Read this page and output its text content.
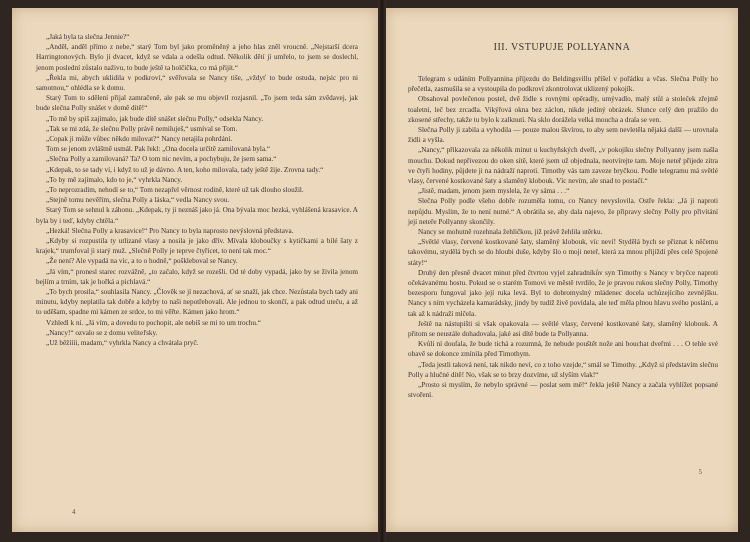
„Jaká byla ta slečna Jennie?“

„Anděl, anděl přímo z nebe,“ starý Tom byl jako proměněný a jeho hlas zněl vroucně. „Nejstarší dcera Harringtonových. Bylo jí dvacet, když se vdala a odešla odtud. Několik dětí jí umřelo, to jsem se doslechl, jenom poslední zůstalo naživu, to bude ještě ta holčička, co má přijít.“

„Řekla mi, abych uklidila v podkroví,“ svěřovala se Nancy tiše, „vždyť to bude ostuda, nejsic pro ni samotnou,“ ohlédla se k domu.

Starý Tom to sdělení přijal zamračeně, ale pak se mu objevil rozjasnil. „To jsem teda sám zvědavej, jak bude slečna Polly snášet v domě dítě!“

„To mě by spíš zajímalo, jak bude dítě snášet slečnu Polly,“ odsekla Nancy.

„Tak se mi zdá, že slečnu Polly právě nemiluješ,“ usmíval se Tom.

„Copak ji může vůbec někdo milovat?“ Nancy netajila pohrdání.

Tom se jenom zvláštně usmál. Pak řekl: „Ona docela určitě zamilovaná byla.“

„Slečna Polly a zamilovaná? Ta? O tom nic nevím, a pochybuju, že jsem sama.“

„Kdepak, to se tady ví, i když to už je dávno. A ten, koho milovala, tady ještě žije. Zrovna tady.“

„To by mě zajímalo, kdo to je,“ vyhrkla Nancy.

„To neprozradím, nehodí se to,“ Tom nezapřel věrnost rodině, které už tak dlouho sloužil.

„Stejně tomu nevěřím, slečna Polly a láska,“ vedla Nancy svou.

Starý Tom se sehnul k záhonu. „Kdepak, ty ji neznáš jako já. Ona bývala moc hezká, vyhlášená krasavice. A byla by i teď, kdyby chtěla.“

„Hezká! Slečna Polly a krasavice!“ Pro Nancy to byla naprosto nevýslovná představa.

„Kdyby si rozpustila ty utlizané vlasy a nosila je jako dřív. Mívala kloboučky s kytičkami a bílé šaty z krajek,“ trumfoval ji starý muž. „Slečně Polly je teprve čtyřicet, to není tak moc.“

„Že není? Ale vypadá na víc, a to o hodně,“ poškleboval se Nancy.

„Já vím,“ pronesl starec rozvážně, „to začalo, když se rozešli. Od té doby vypadá, jako by se živila jenom bejlím a trním, tak je hořká a pichlavá.“

„To bych prosila,“ souhlasila Nancy. „Člověk se jí nezachová, ať se snaží, jak chce. Nezůstala bych tady ani minutu, kdyby neplatila tak dobře a kdyby to naši nepotřebovali. Ale jednou to skončí, a pak odtud uteču, a až to uděšam, spadne mi kámen ze srdce, to mi věřte. Kámen jako hrom.“

Vzhledl k ní. „Já vím, a dovedu to pochopit, ale nebíš se mi to um trochu.“

„Nancy!“ ozvalo se z domu veliteľsky.

„Už běžíííi, madam,“ vyhrkla Nancy a chvátala pryč.

4
III. VSTUPUJE POLLYANNA

Telegram s udáním Pollyannina příjezdu do Beldingsvillu přišel v pořádku a včas. Slečna Polly ho přečetla, zasmušila se a vystoupila do podkroví zkontrolovat uklizený pokojík.

Obsahoval povlečenou postel, dvě židle s rovnými opěradly, umývadlo, malý stůl a stoleček zřejmě toaletní, leč bez zrcadla. Vikýřová okna bez záclon, nikde jediný obrázek. Slunce celý den pražilo do zkosené střechy, takže tu bylo k zalknutí. Na sklo dorážela velká moucha a drala se ven.

Slečna Polly ji zabila a vyhodila — pouze malou škvírou, to aby sem nevletěla nějaká další — urovnala židli a vyšla.

„Nancy,“ přikazovala za několik minut u kuchyňských dveří, „v pokojíku slečny Pollyanny jsem našla mouchu. Dokud nepřivezou do oken sítě, které jsem už objednala, neotvírejte tam. Moje neteř přijede zítra ve čtyři hodiny, půjdete ji na nádraží naproti. Timothy vás tam zaveze bryčkou. Podle telegramu má světlé vlasy, červené kostkované šaty a slaměný klobouk. Víc nevím, ale snad to postačí.“

„Jistě, madam, jenom jsem myslela, že vy sáma . . .“

Slečna Polly podle všeho dobře rozuměla tomu, co Nancy nevyslovila. Ostře řekla: „Já jí naproti nepůjdu. Myslím, že to není nutné.“ A obrátila se, aby dala najevo, že připravy slečny Polly pro přivítání její neteře Pollyanny skončily.

Nancy se mohutně rozehnala žehličkou, již právě žehlila utěrku.

„Světlé vlasy, červené kostkované šaty, slaměný klobouk, víc neví! Stydělá bych se přiznat k něčemu takovému, stydělá bych se do hloubi duše, kdyby šlo o moji neteř, která za mnou přijíždí přes celé Spojené státy!“

Druhý den přesně dvacet minut před čtvrtou vyjel zahradníkův syn Timothy s Nancy v bryčce naproti očekávanému hostu. Pokud se o starém Tomovi ve městě tvrdilo, že je pravou rukou slečny Polly, Timothy bezesporu fungoval jako její ruka levá. Byl to dobromyslný mládenec docela uchůzejícího zevnějšku. Nancy s ním vycházela kamarádsky, jindy by tudíž živě povídala, ale teď měla plnou hlavu svého poslání, a tak až k nádraží mlčela.

Ještě na nástupišti si však opakovala — světlé vlasy, červené kostkované šaty, slaměný klobouk. A přitom se neustále dohadovala, jaké asi dítě bude ta Pollyanna.

Kvůli ní doufala, že bude tichá a rozumná, že nebude pouštět nože ani bouchat dveřmi . . . O tehle své obavě se dokonce zmínila před Timothym.

„Teda jestli taková není, tak nikdo neví, co z toho vzejde,“ smál se Timothy. „Když si představím slečnu Polly a hlučné dítě! No, však se to brzy dozvíme, už slyším vlak!“

„Prosto si myslím, že nebylo správné — poslat sem mě!“ řekla ještě Nancy a začala vyhlížet popsané stvoření.

5
